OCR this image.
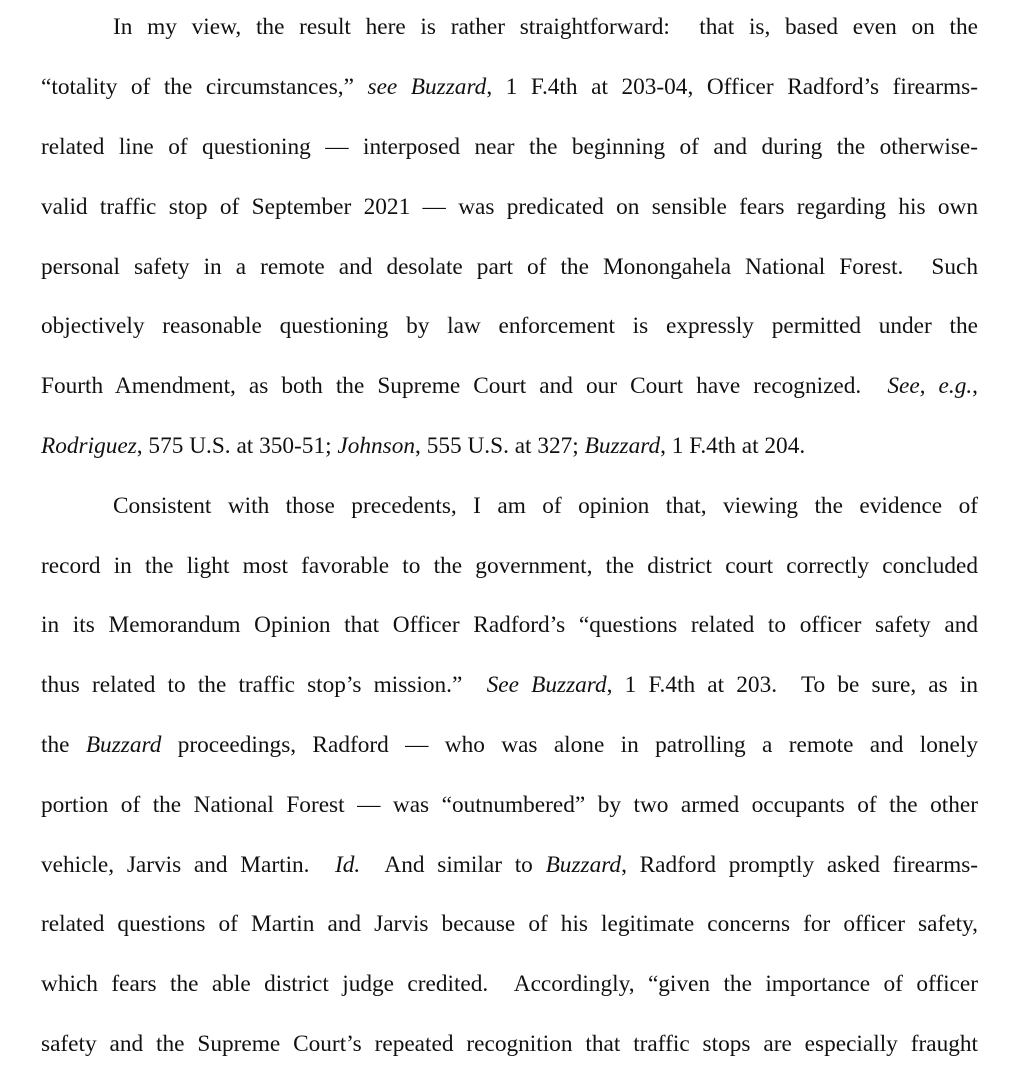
In my view, the result here is rather straightforward:  that is, based even on the
“totality of the circumstances,” see Buzzard, 1 F.4th at 203-04, Officer Radford’s firearms-
related line of questioning — interposed near the beginning of and during the otherwise-
valid traffic stop of September 2021 — was predicated on sensible fears regarding his own
personal safety in a remote and desolate part of the Monongahela National Forest.  Such
objectively reasonable questioning by law enforcement is expressly permitted under the
Fourth Amendment, as both the Supreme Court and our Court have recognized.  See, e.g.,
Rodriguez, 575 U.S. at 350-51; Johnson, 555 U.S. at 327; Buzzard, 1 F.4th at 204.
Consistent with those precedents, I am of opinion that, viewing the evidence of
record in the light most favorable to the government, the district court correctly concluded
in its Memorandum Opinion that Officer Radford’s “questions related to officer safety and
thus related to the traffic stop’s mission.”  See Buzzard, 1 F.4th at 203.  To be sure, as in
the Buzzard proceedings, Radford — who was alone in patrolling a remote and lonely
portion of the National Forest — was “outnumbered” by two armed occupants of the other
vehicle, Jarvis and Martin.  Id.  And similar to Buzzard, Radford promptly asked firearms-
related questions of Martin and Jarvis because of his legitimate concerns for officer safety,
which fears the able district judge credited.  Accordingly, “given the importance of officer
safety and the Supreme Court’s repeated recognition that traffic stops are especially fraught
